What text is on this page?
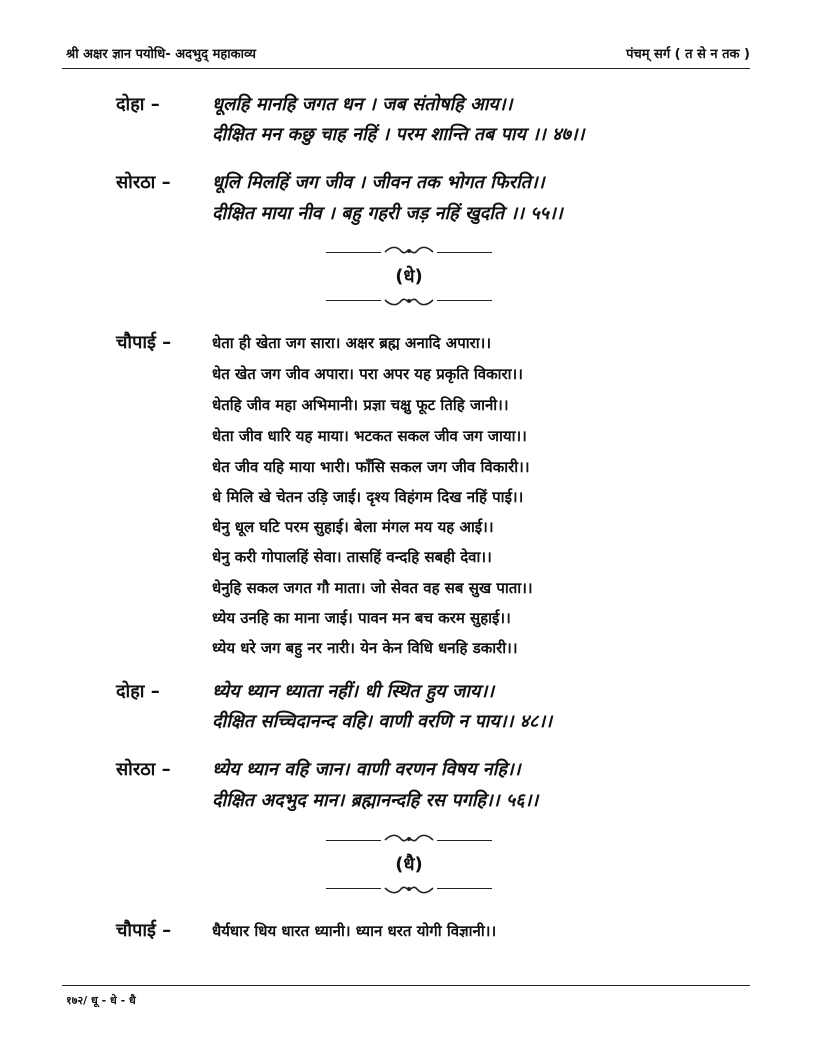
श्री अक्षर ज्ञान पयोधि- अदभुद् महाकाव्य	पंचम् सर्ग ( त से न तक )
दोहा –	धूलहि मानहि जगत धन । जब संतोषहि आय।।
दीक्षित मन कछु चाह नहिं । परम शान्ति तब पाय ।। ४७।।
सोरठा – धूलि मिलहिं जग जीव । जीवन तक भोगत फिरति।।
दीक्षित माया नीव । बहु गहरी जड़ नहिं खुदति ।। ५५।।
(धे)
चौपाई –	धेता ही खेता जग सारा। अक्षर ब्रह्म अनादि अपारा।।
धेत खेत जग जीव अपारा। परा अपर यह प्रकृति विकारा।।
धेतहि जीव महा अभिमानी। प्रज्ञा चक्षु फूट तिहि जानी।।
धेता जीव धारि यह माया। भटकत सकल जीव जग जाया।।
धेत जीव यहि माया भारी। फाँसि सकल जग जीव विकारी।।
धे मिलि खे चेतन उड़ि जाई। दृश्य विहंगम दिख नहिं पाई।।
धेनु धूल घटि परम सुहाई। बेला मंगल मय यह आई।।
धेनु करी गोपालहिं सेवा। तासहिं वन्दहि सबही देवा।।
धेनुहि सकल जगत गौ माता। जो सेवत वह सब सुख पाता।।
ध्येय उनहि का माना जाई। पावन मन बच करम सुहाई।।
ध्येय धरे जग बहु नर नारी। येन केन विधि धनहि डकारी।।
दोहा –	ध्येय ध्यान ध्याता नहीं। धी स्थित हुय जाय।।
दीक्षित सच्चिदानन्द वहि। वाणी वरणि न पाय।। ४८।।
सोरठा – ध्येय ध्यान वहि जान। वाणी वरणन विषय नहि।।
दीक्षित अदभुद मान। ब्रह्मानन्दहि रस पगहि।। ५६।।
(धै)
चौपाई –	धैर्यधार धिय धारत ध्यानी। ध्यान धरत योगी विज्ञानी।।
१७२/ धू - धे - धै
